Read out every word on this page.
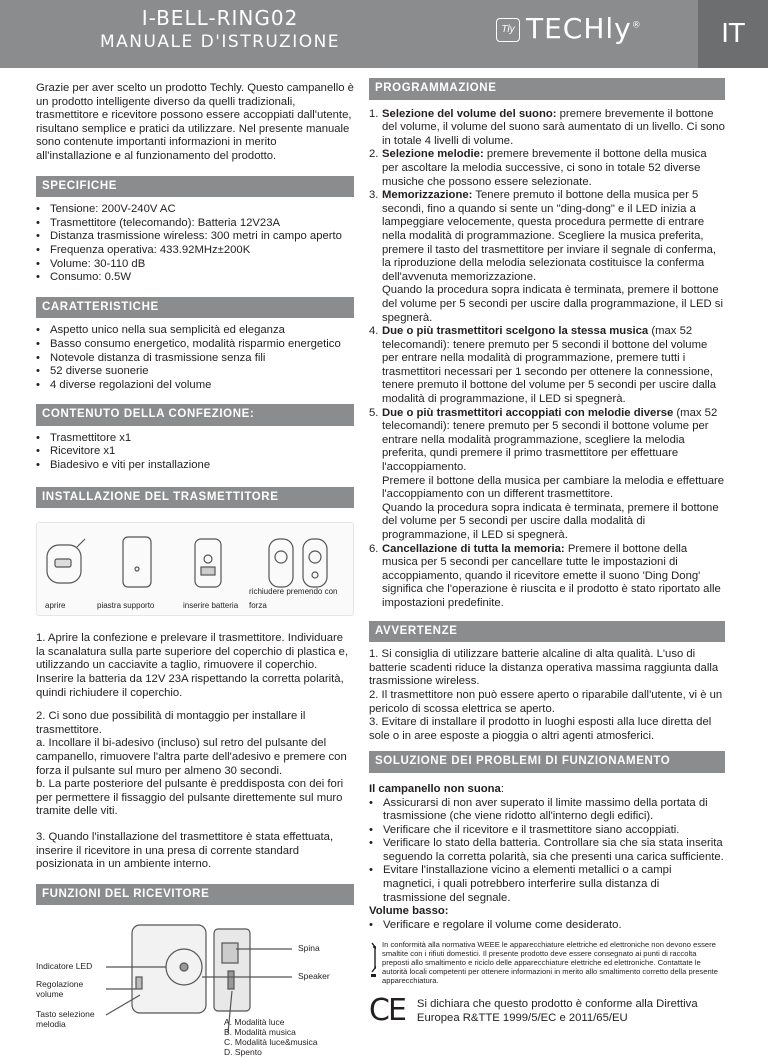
I-BELL-RING02
MANUALE D'ISTRUZIONE
Tly TECHly®	IT

Grazie per aver scelto un prodotto Techly. Questo campanello è un prodotto intelligente diverso da quelli tradizionali, trasmettitore e ricevitore possono essere accoppiati dall'utente, risultano semplice e pratici da utilizzare. Nel presente manuale sono contenute importanti informazioni in merito all'installazione e al funzionamento del prodotto.

SPECIFICHE
• Tensione: 200V-240V AC
• Trasmettitore (telecomando): Batteria 12V23A
• Distanza trasmissione wireless: 300 metri in campo aperto
• Frequenza operativa: 433.92MHz±200K
• Volume: 30-110 dB
• Consumo: 0.5W
CARATTERISTICHE
• Aspetto unico nella sua semplicità ed eleganza
• Basso consumo energetico, modalità risparmio energetico
• Notevole distanza di trasmissione senza fili
• 52 diverse suonerie
• 4 diverse regolazioni del volume
CONTENUTO DELLA CONFEZIONE:
• Trasmettitore x1
• Ricevitore x1
• Biadesivo e viti per installazione
INSTALLAZIONE DEL TRASMETTITORE
aprire	piastra supporto	inserire batteria
richiudere premendo con forza

1. Aprire la confezione e prelevare il trasmettitore. Individuare la scanalatura sulla parte superiore del coperchio di plastica e, utilizzando un cacciavite a taglio, rimuovere il coperchio. Inserire la batteria da 12V 23A rispettando la corretta polarità, quindi richiudere il coperchio.

2. Ci sono due possibilità di montaggio per installare il trasmettitore.

a. Incollare il bi-adesivo (incluso) sul retro del pulsante del campanello, rimuovere l'altra parte dell'adesivo e premere con forza il pulsante sul muro per almeno 30 secondi.

b. La parte posteriore del pulsante è preddisposta con dei fori per permettere il fissaggio del pulsante direttemente sul muro tramite delle viti.

3. Quando l'installazione del trasmettitore è stata effettuata, inserire il ricevitore in una presa di corrente standard posizionata in un ambiente interno.

FUNZIONI DEL RICEVITORE
Spina
Indicatore LED
Regolazione volume
Speaker
Tasto selezione melodia	A. Modalità luce
B. Modalità musica
C. Modalità luce&musica
D. Spento
PROGRAMMAZIONE
1. Selezione del volume del suono: premere brevemente il bottone del volume, il volume del suono sarà aumentato di un livello. Ci sono in totale 4 livelli di volume.
2. Selezione melodie: premere brevemente il bottone della musica per ascoltare la melodia successive, ci sono in totale 52 diverse musiche che possono essere selezionate.
3. Memorizzazione: Tenere premuto il bottone della musica per 5 secondi, fino a quando si sente un "ding-dong" e il LED inizia a lampeggiare velocemente, questa procedura permette di entrare nella modalità di programmazione. Scegliere la musica preferita, premere il tasto del trasmettitore per inviare il segnale di conferma, la riproduzione della melodia selezionata costituisce la conferma dell'avvenuta memorizzazione.
Quando la procedura sopra indicata è terminata, premere il bottone del volume per 5 secondi per uscire dalla programmazione, il LED si spegnerà.
4. Due o più trasmettitori scelgono la stessa musica (max 52 telecomandi): tenere premuto per 5 secondi il bottone del volume per entrare nella modalità di programmazione, premere tutti i trasmettitori necessari per 1 secondo per ottenere la connessione, tenere premuto il bottone del volume per 5 secondi per uscire dalla modalità di programmazione, il LED si spegnerà.
5. Due o più trasmettitori accoppiati con melodie diverse (max 52 telecomandi): tenere premuto per 5 secondi il bottone volume per entrare nella modalità programmazione, scegliere la melodia preferita, qundi premere il primo trasmettitore per effettuare l'accoppiamento.
Premere il bottone della musica per cambiare la melodia e effettuare l'accoppiamento con un different trasmettitore.
Quando la procedura sopra indicata è terminata, premere il bottone del volume per 5 secondi per uscire dalla modalità di programmazione, il LED si spegnerà.
6. Cancellazione di tutta la memoria: Premere il bottone della musica per 5 secondi per cancellare tutte le impostazioni di accoppiamento, quando il ricevitore emette il suono 'Ding Dong' significa che l'operazione è riuscita e il prodotto è stato riportato alle impostazioni predefinite.
AVVERTENZE

1. Si consiglia di utilizzare batterie alcaline di alta qualità. L'uso di batterie scadenti riduce la distanza operativa massima raggiunta dalla trasmissione wireless.

2. Il trasmettitore non può essere aperto o riparabile dall'utente, vi è un pericolo di scossa elettrica se aperto.

3. Evitare di installare il prodotto in luoghi esposti alla luce diretta del sole o in aree esposte a pioggia o altri agenti atmosferici.

SOLUZIONE DEI PROBLEMI DI FUNZIONAMENTO

Il campanello non suona:

• Assicurarsi di non aver superato il limite massimo della portata di trasmissione (che viene ridotto all'interno degli edifici).
• Verificare che il ricevitore e il trasmettitore siano accoppiati.
• Verificare lo stato della batteria. Controllare sia che sia stata inserita seguendo la corretta polarità, sia che presenti una carica sufficiente.
• Evitare l'installazione vicino a elementi metallici o a campi magnetici, i quali potrebbero interferire sulla distanza di trasmissione del segnale.

Volume basso:

• Verificare e regolare il volume come desiderato.

In conformità alla normativa WEEE le apparecchiature elettriche ed elettroniche non devono essere smaltite con i rifiuti domestici. Il presente prodotto deve essere consegnato ai punti di raccolta preposti allo smaltimento e riciclo delle apparecchiature elettriche ed elettroniche. Contattate le autorità locali competenti per ottenere informazioni in merito allo smaltimento corretto della presente apparecchiatura.

CE Si dichiara che questo prodotto è conforme alla Direttiva Europea R&TTE 1999/5/EC e 2011/65/EU
